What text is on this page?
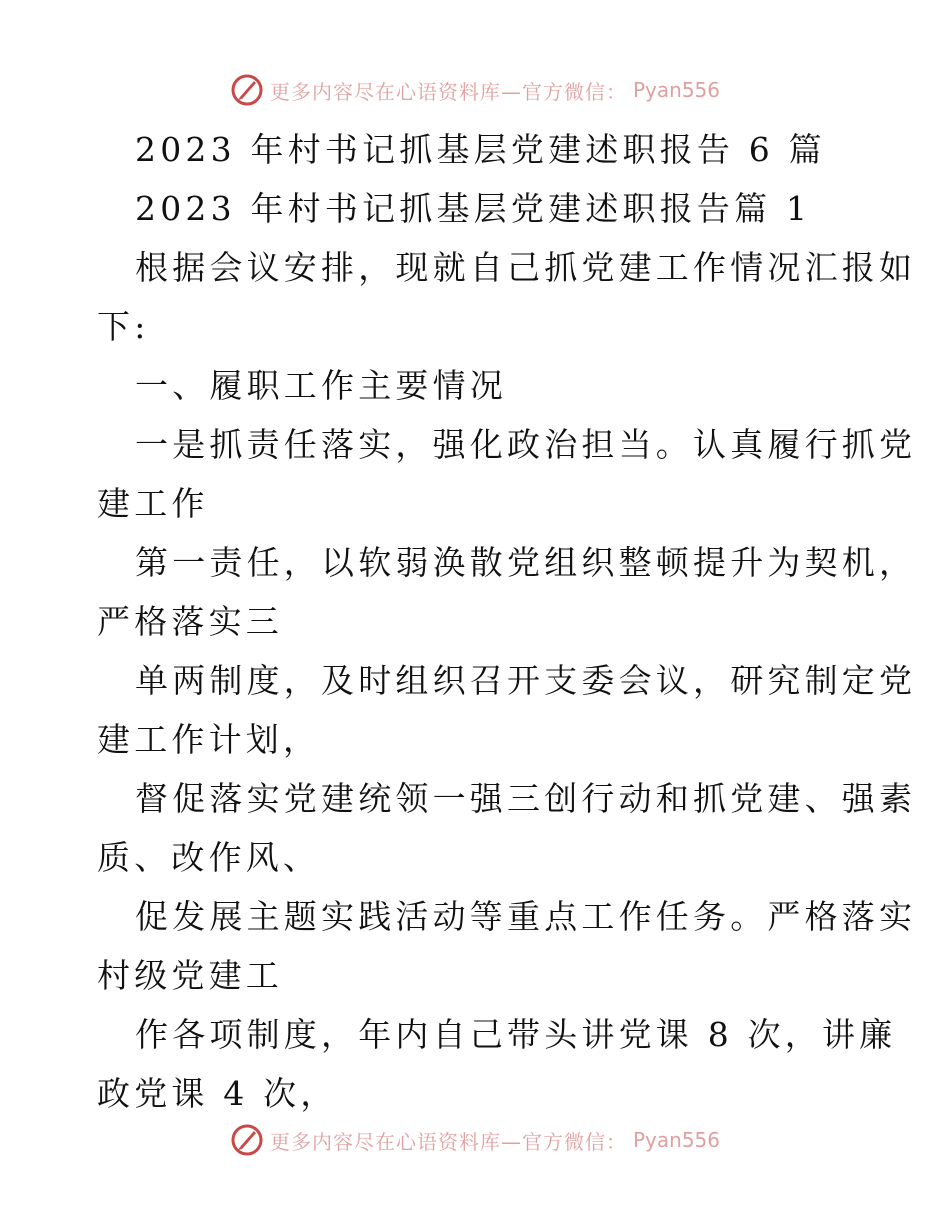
更多内容尽在心语资料库—官方微信： Pyan556
2023 年村书记抓基层党建述职报告 6 篇
2023 年村书记抓基层党建述职报告篇 1
根据会议安排，现就自己抓党建工作情况汇报如
下:
一、履职工作主要情况
一是抓责任落实，强化政治担当。认真履行抓党
建工作
第一责任，以软弱涣散党组织整顿提升为契机，
严格落实三
单两制度，及时组织召开支委会议，研究制定党
建工作计划，
督促落实党建统领一强三创行动和抓党建、强素
质、改作风、
促发展主题实践活动等重点工作任务。严格落实
村级党建工
作各项制度，年内自己带头讲党课 8 次，讲廉
政党课 4 次，
更多内容尽在心语资料库—官方微信： Pyan556
